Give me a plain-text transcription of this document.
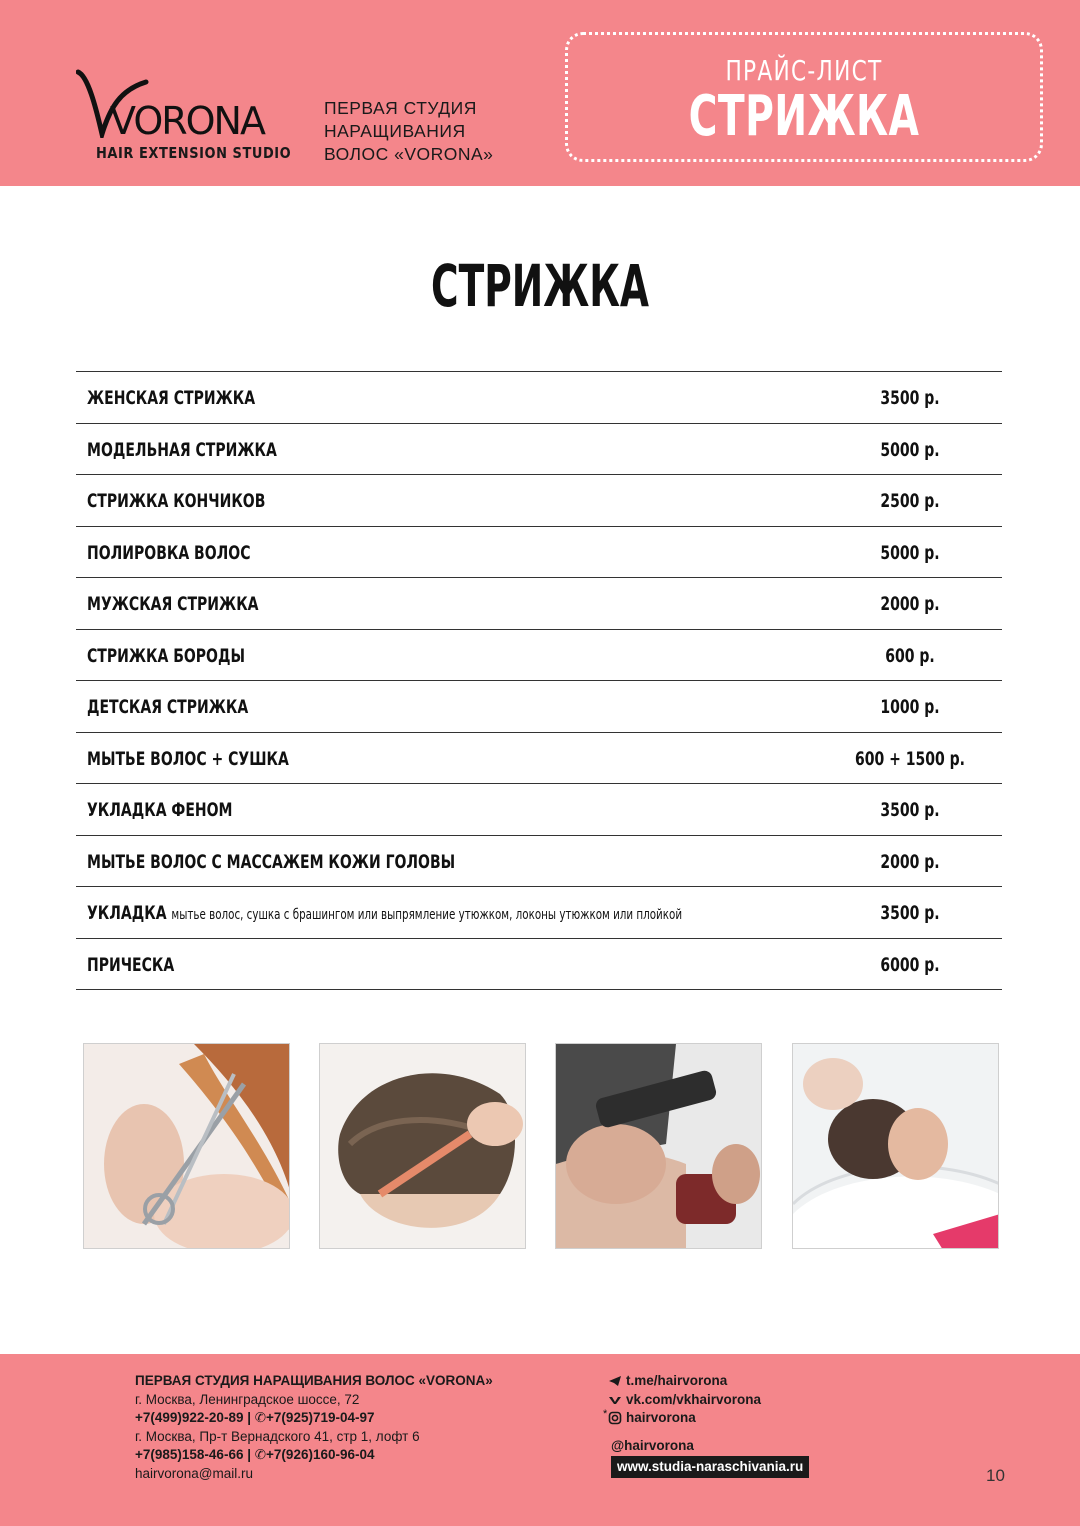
VORONA
HAIR EXTENSION STUDIO
ПЕРВАЯ СТУДИЯ
НАРАЩИВАНИЯ
ВОЛОС «VORONA»
ПРАЙС-ЛИСТ
СТРИЖКА
СТРИЖКА
ЖЕНСКАЯ СТРИЖКА	3500 р.
МОДЕЛЬНАЯ СТРИЖКА	5000 р.
СТРИЖКА КОНЧИКОВ	2500 р.
ПОЛИРОВКА ВОЛОС	5000 р.
МУЖСКАЯ СТРИЖКА	2000 р.
СТРИЖКА БОРОДЫ	600 р.
ДЕТСКАЯ СТРИЖКА	1000 р.
МЫТЬЕ ВОЛОС + СУШКА	600 + 1500 р.
УКЛАДКА ФЕНОМ	3500 р.
МЫТЬЕ ВОЛОС С МАССАЖЕМ КОЖИ ГОЛОВЫ	2000 р.
УКЛАДКА мытье волос, сушка с брашингом или выпрямление утюжком, локоны утюжком или плойкой	3500 р.
ПРИЧЕСКА	6000 р.
ПЕРВАЯ СТУДИЯ НАРАЩИВАНИЯ ВОЛОС «VORONA»
г. Москва, Ленинградское шоссе, 72
+7(499)922-20-89 | ✆+7(925)719-04-97
г. Москва, Пр-т Вернадского 41, стр 1, лофт 6
+7(985)158-46-66 | ✆+7(926)160-96-04
hairvorona@mail.ru
t.me/hairvorona
vk.com/vkhairvorona
hairvorona
*
@hairvorona
www.studia-naraschivania.ru	10
